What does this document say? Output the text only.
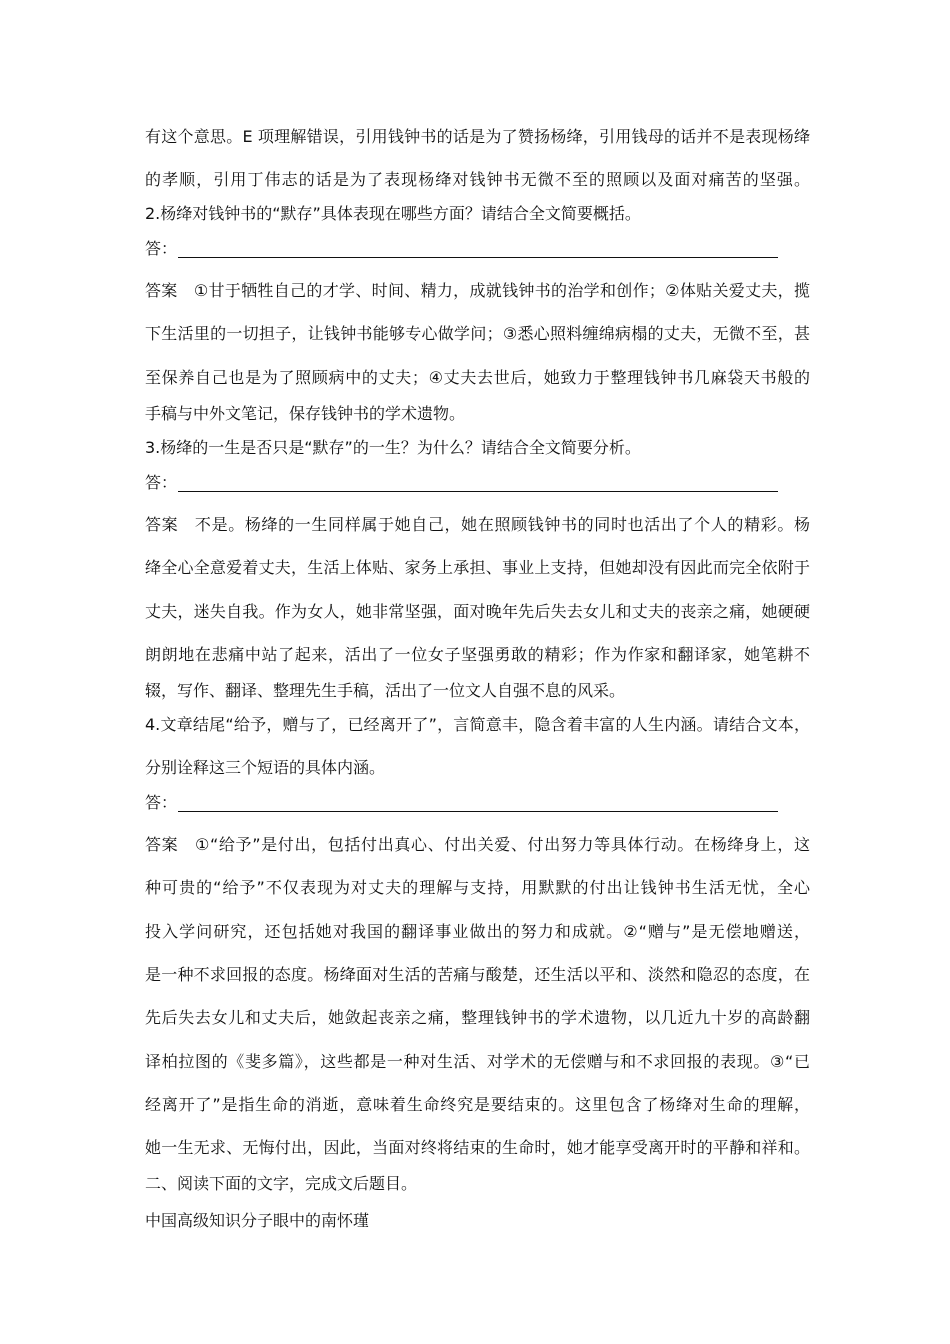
有这个意思。E 项理解错误，引用钱钟书的话是为了赞扬杨绛，引用钱母的话并不是表现杨绛
的孝顺，引用丁伟志的话是为了表现杨绛对钱钟书无微不至的照顾以及面对痛苦的坚强。
2.杨绛对钱钟书的“默存”具体表现在哪些方面？请结合全文简要概括。
答：
答案　①甘于牺牲自己的才学、时间、精力，成就钱钟书的治学和创作；②体贴关爱丈夫，揽
下生活里的一切担子，让钱钟书能够专心做学问；③悉心照料缠绵病榻的丈夫，无微不至，甚
至保养自己也是为了照顾病中的丈夫；④丈夫去世后，她致力于整理钱钟书几麻袋天书般的
手稿与中外文笔记，保存钱钟书的学术遗物。
3.杨绛的一生是否只是“默存”的一生？为什么？请结合全文简要分析。
答：
答案　不是。杨绛的一生同样属于她自己，她在照顾钱钟书的同时也活出了个人的精彩。杨
绛全心全意爱着丈夫，生活上体贴、家务上承担、事业上支持，但她却没有因此而完全依附于
丈夫，迷失自我。作为女人，她非常坚强，面对晚年先后失去女儿和丈夫的丧亲之痛，她硬硬
朗朗地在悲痛中站了起来，活出了一位女子坚强勇敢的精彩；作为作家和翻译家，她笔耕不
辍，写作、翻译、整理先生手稿，活出了一位文人自强不息的风采。
4.文章结尾“给予，赠与了，已经离开了”，言简意丰，隐含着丰富的人生内涵。请结合文本，
分别诠释这三个短语的具体内涵。
答：
答案　①“给予”是付出，包括付出真心、付出关爱、付出努力等具体行动。在杨绛身上，这
种可贵的“给予”不仅表现为对丈夫的理解与支持，用默默的付出让钱钟书生活无忧，全心
投入学问研究，还包括她对我国的翻译事业做出的努力和成就。②“赠与”是无偿地赠送，
是一种不求回报的态度。杨绛面对生活的苦痛与酸楚，还生活以平和、淡然和隐忍的态度，在
先后失去女儿和丈夫后，她敛起丧亲之痛，整理钱钟书的学术遗物，以几近九十岁的高龄翻
译柏拉图的《斐多篇》，这些都是一种对生活、对学术的无偿赠与和不求回报的表现。③“已
经离开了”是指生命的消逝，意味着生命终究是要结束的。这里包含了杨绛对生命的理解，
她一生无求、无悔付出，因此，当面对终将结束的生命时，她才能享受离开时的平静和祥和。
二、阅读下面的文字，完成文后题目。
中国高级知识分子眼中的南怀瑾
